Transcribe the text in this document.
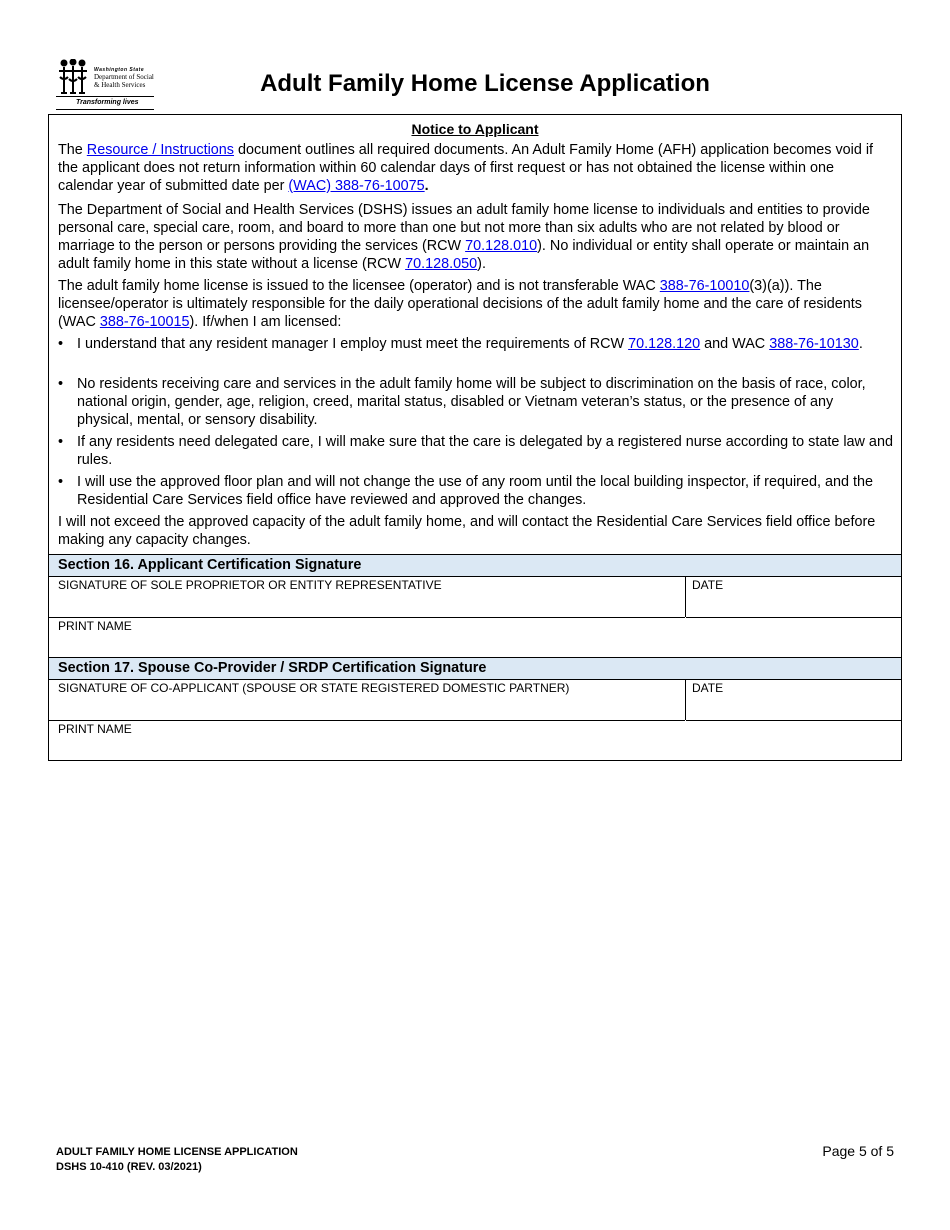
Washington State
Department of Social
& Health Services
Transforming lives
Adult Family Home License Application
Notice to Applicant
The Resource / Instructions document outlines all required documents. An Adult Family Home (AFH) application becomes void if the applicant does not return information within 60 calendar days of first request or has not obtained the license within one calendar year of submitted date per (WAC) 388-76-10075.
The Department of Social and Health Services (DSHS) issues an adult family home license to individuals and entities to provide personal care, special care, room, and board to more than one but not more than six adults who are not related by blood or marriage to the person or persons providing the services (RCW 70.128.010). No individual or entity shall operate or maintain an adult family home in this state without a license (RCW 70.128.050).
The adult family home license is issued to the licensee (operator) and is not transferable WAC 388-76-10010(3)(a)). The licensee/operator is ultimately responsible for the daily operational decisions of the adult family home and the care of residents (WAC 388-76-10015). If/when I am licensed:
• I understand that any resident manager I employ must meet the requirements of RCW 70.128.120 and WAC 388-76-10130.
• No residents receiving care and services in the adult family home will be subject to discrimination on the basis of race, color, national origin, gender, age, religion, creed, marital status, disabled or Vietnam veteran’s status, or the presence of any physical, mental, or sensory disability.
• If any residents need delegated care, I will make sure that the care is delegated by a registered nurse according to state law and rules.
• I will use the approved floor plan and will not change the use of any room until the local building inspector, if required, and the Residential Care Services field office have reviewed and approved the changes.
I will not exceed the approved capacity of the adult family home, and will contact the Residential Care Services field office before making any capacity changes.
Section 16. Applicant Certification Signature
SIGNATURE OF SOLE PROPRIETOR OR ENTITY REPRESENTATIVE	DATE
PRINT NAME
Section 17. Spouse Co-Provider / SRDP Certification Signature
SIGNATURE OF CO-APPLICANT (SPOUSE OR STATE REGISTERED DOMESTIC PARTNER)	DATE
PRINT NAME
ADULT FAMILY HOME LICENSE APPLICATION
DSHS 10-410 (REV. 03/2021)
Page 5 of 5
